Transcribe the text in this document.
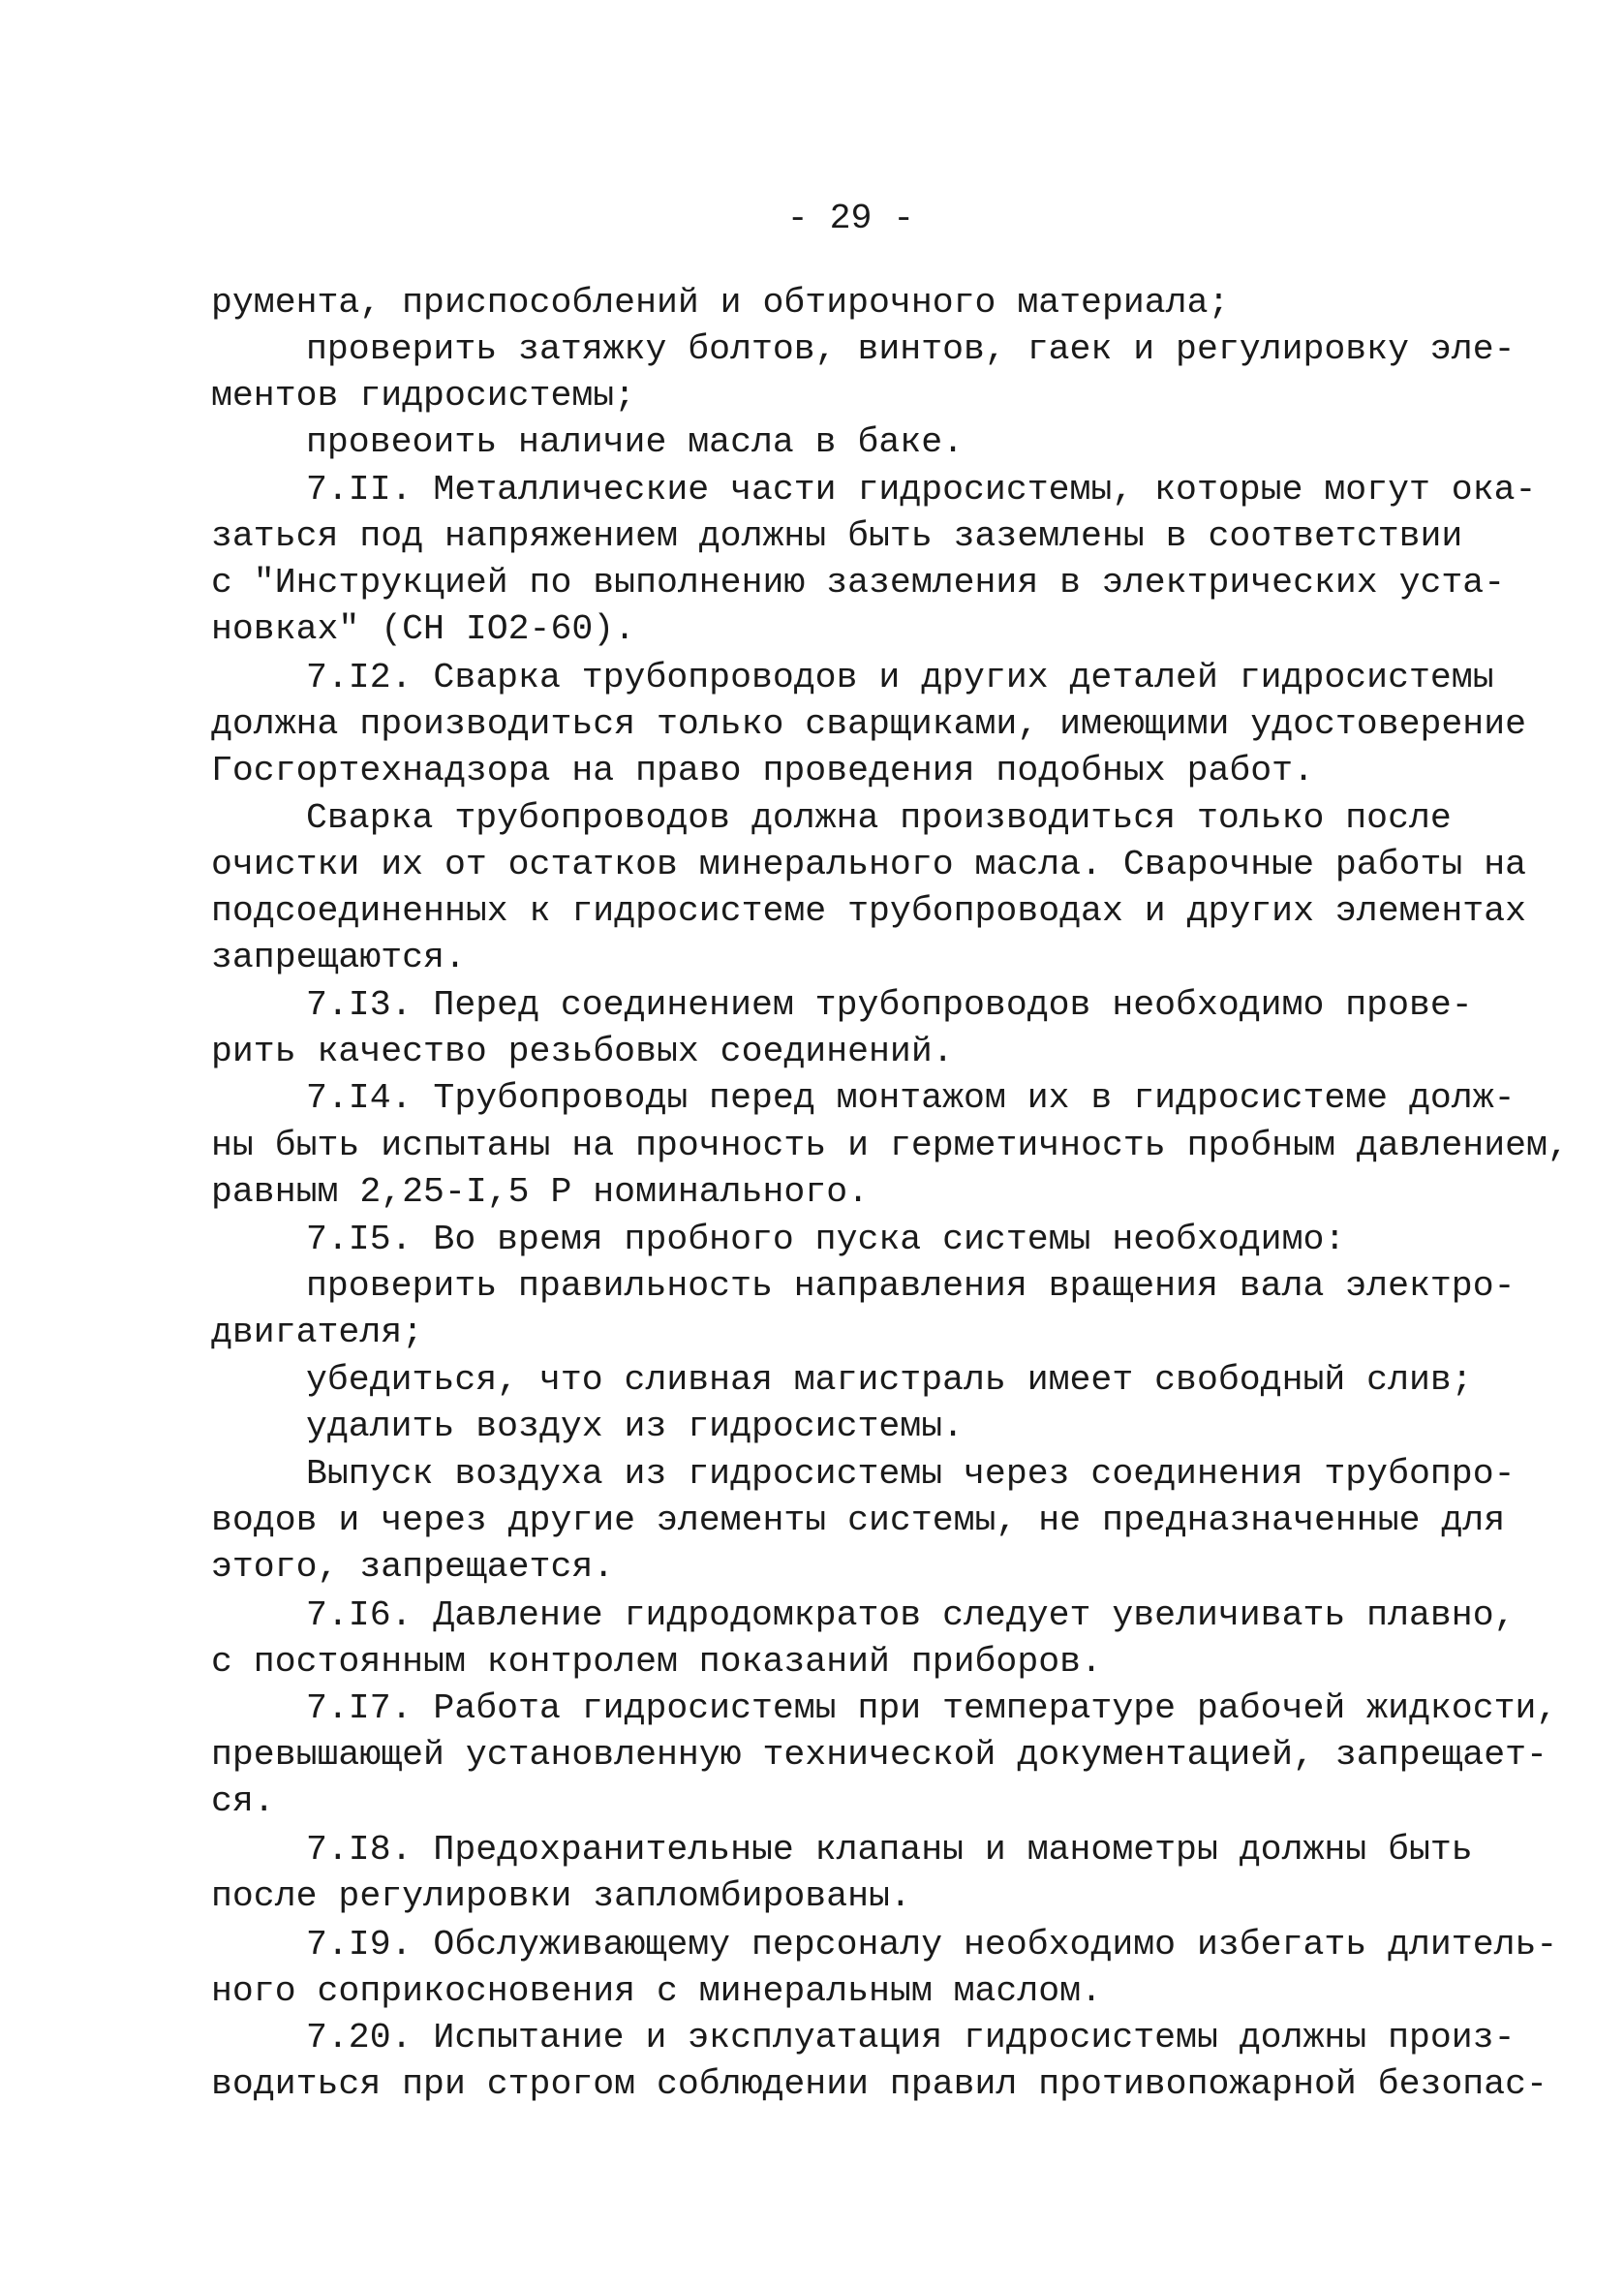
- 29 -
румента, приспособлений и обтирочного материала;
проверить затяжку болтов, винтов, гаек и регулировку эле-
ментов гидросистемы;
провеоить наличие масла в баке.
7.II. Металлические части гидросистемы, которые могут ока-
заться под напряжением должны быть заземлены в соответствии
с "Инструкцией по выполнению заземления в электрических уста-
новках" (СН IO2-60).
7.I2. Сварка трубопроводов и других деталей гидросистемы
должна производиться только сварщиками, имеющими удостоверение
Госгортехнадзора на право проведения подобных работ.
Сварка трубопроводов должна производиться только после
очистки их от остатков минерального масла. Сварочные работы на
подсоединенных к гидросистеме трубопроводах и других элементах
запрещаются.
7.I3. Перед соединением трубопроводов необходимо прове-
рить качество резьбовых соединений.
7.I4. Трубопроводы перед монтажом их в гидросистеме долж-
ны быть испытаны на прочность и герметичность пробным давлением,
равным 2,25-I,5 Р номинального.
7.I5. Во время пробного пуска системы необходимо:
проверить правильность направления вращения вала электро-
двигателя;
убедиться, что сливная магистраль имеет свободный слив;
удалить воздух из гидросистемы.
Выпуск воздуха из гидросистемы через соединения трубопро-
водов и через другие элементы системы, не предназначенные для
этого, запрещается.
7.I6. Давление гидродомкратов следует увеличивать плавно,
с постоянным контролем показаний приборов.
7.I7. Работа гидросистемы при температуре рабочей жидкости,
превышающей установленную технической документацией, запрещает-
ся.
7.I8. Предохранительные клапаны и манометры должны быть
после регулировки запломбированы.
7.I9. Обслуживающему персоналу необходимо избегать длитель-
ного соприкосновения с минеральным маслом.
7.20. Испытание и эксплуатация гидросистемы должны произ-
водиться при строгом соблюдении правил противопожарной безопас-
